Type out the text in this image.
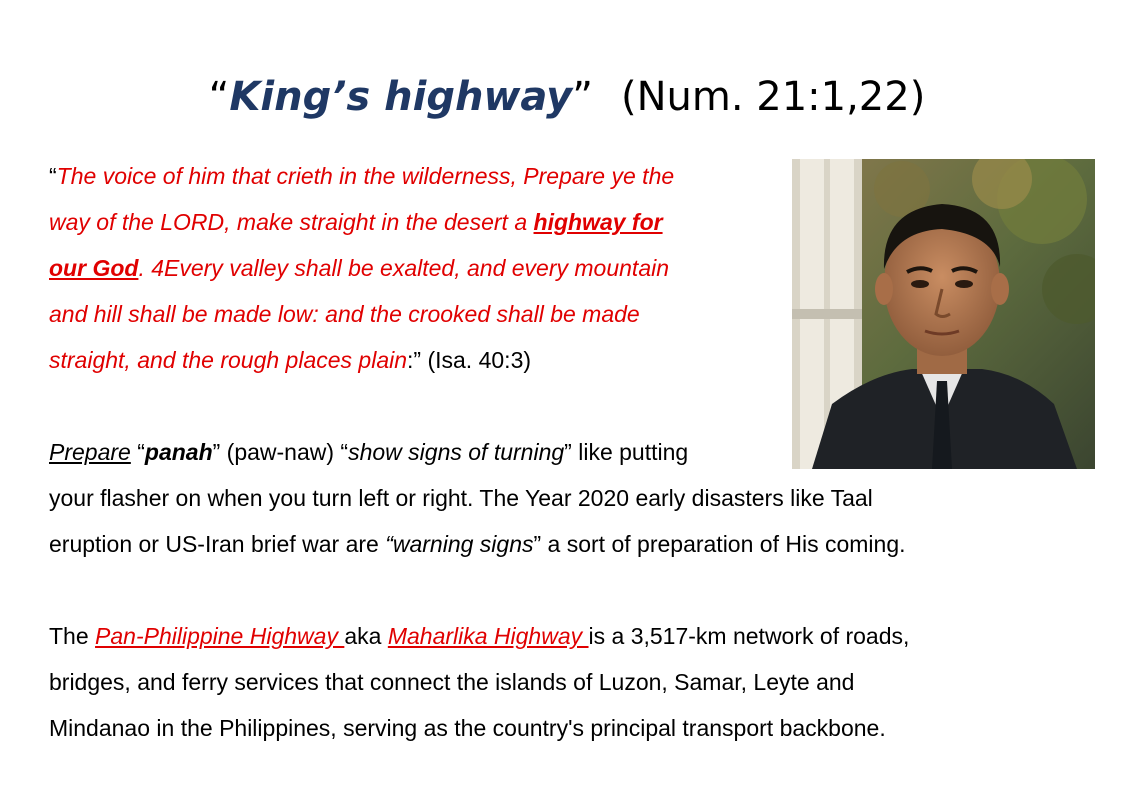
“King’s highway” (Num. 21:1,22)
“The voice of him that crieth in the wilderness, Prepare ye the
way of the LORD, make straight in the desert a highway for
our God. 4Every valley shall be exalted, and every mountain
and hill shall be made low: and the crooked shall be made
straight, and the rough places plain:” (Isa. 40:3)
Prepare “panah” (paw-naw) “show signs of turning” like putting
your flasher on when you turn left or right. The Year 2020 early disasters like Taal
eruption or US-Iran brief war are “warning signs” a sort of preparation of His coming.
The Pan-Philippine Highway aka Maharlika Highway is a 3,517-km network of roads,
bridges, and ferry services that connect the islands of Luzon, Samar, Leyte and
Mindanao in the Philippines, serving as the country's principal transport backbone.
